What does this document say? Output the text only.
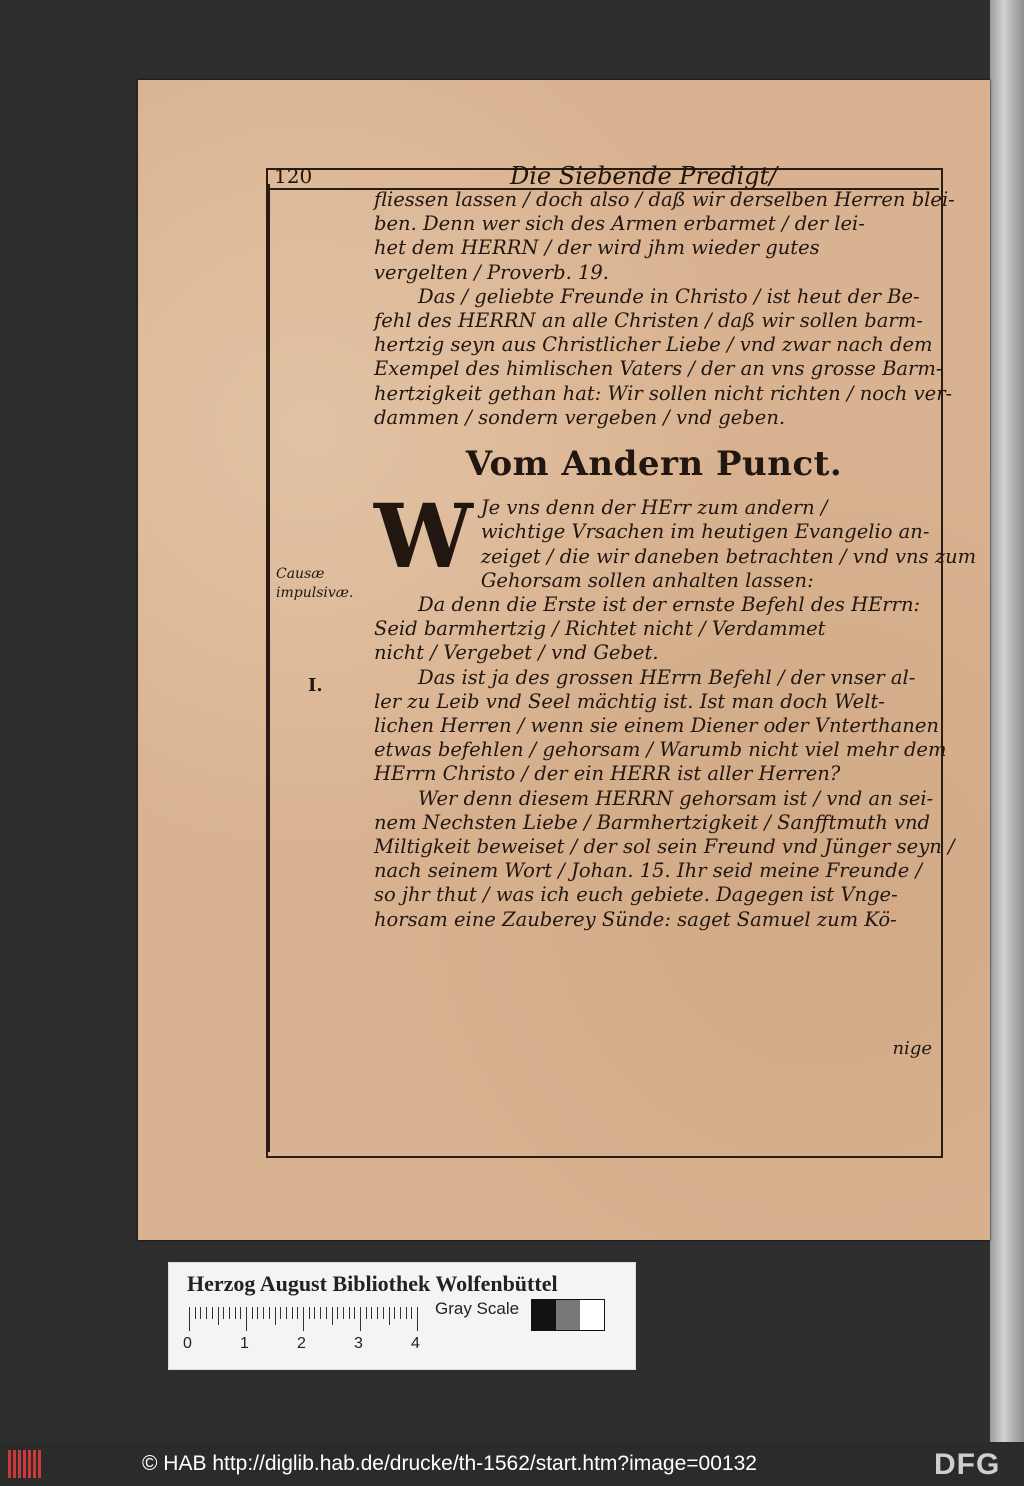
120	Die Siebende Predigt/
Causæ impulsivæ.
I.

fliessen lassen / doch also / daß wir derselben Herren blei-

ben. Denn wer sich des Armen erbarmet / der lei-

het dem HERRN / der wird jhm wieder gutes

vergelten / Proverb. 19.

Das / geliebte Freunde in Christo / ist heut der Be-

fehl des HERRN an alle Christen / daß wir sollen barm-

hertzig seyn aus Christlicher Liebe / vnd zwar nach dem

Exempel des himlischen Vaters / der an vns grosse Barm-

hertzigkeit gethan hat: Wir sollen nicht richten / noch ver-

dammen / sondern vergeben / vnd geben.

Vom Andern Punct.
W Je vns denn der HErr zum andern /

wichtige Vrsachen im heutigen Evangelio an-

zeiget / die wir daneben betrachten / vnd vns zum

Gehorsam sollen anhalten lassen:

Da denn die Erste ist der ernste Befehl des HErrn:

Seid barmhertzig / Richtet nicht / Verdammet

nicht / Vergebet / vnd Gebet.

Das ist ja des grossen HErrn Befehl / der vnser al-

ler zu Leib vnd Seel mächtig ist. Ist man doch Welt-

lichen Herren / wenn sie einem Diener oder Vnterthanen

etwas befehlen / gehorsam / Warumb nicht viel mehr dem

HErrn Christo / der ein HERR ist aller Herren?

Wer denn diesem HERRN gehorsam ist / vnd an sei-

nem Nechsten Liebe / Barmhertzigkeit / Sanfftmuth vnd

Miltigkeit beweiset / der sol sein Freund vnd Jünger seyn /

nach seinem Wort / Johan. 15. Ihr seid meine Freunde /

so jhr thut / was ich euch gebiete. Dagegen ist Vnge-

horsam eine Zauberey Sünde: saget Samuel zum Kö-

nige
Herzog August Bibliothek Wolfenbüttel
0	1	2	3	4
Gray Scale
© HAB http://diglib.hab.de/drucke/th-1562/start.htm?image=00132	DFG
